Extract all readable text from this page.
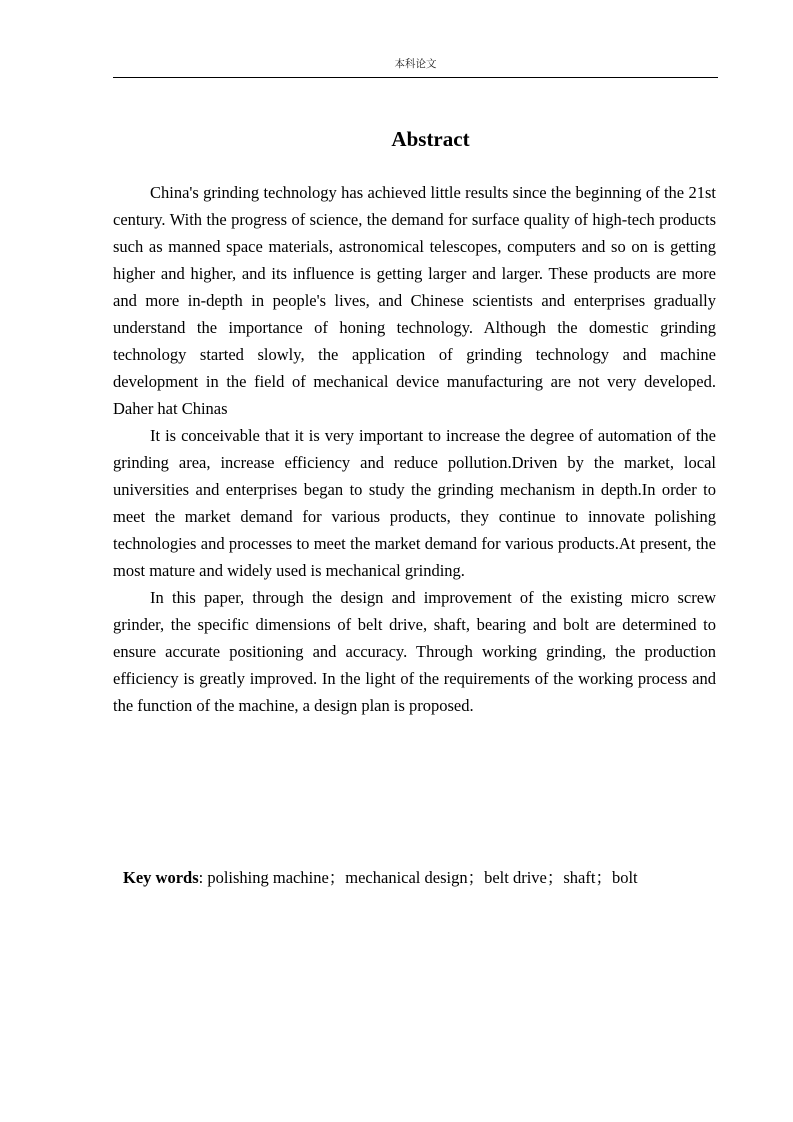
本科论文
Abstract

China's grinding technology has achieved little results since the beginning of the 21st century. With the progress of science, the demand for surface quality of high-tech products such as manned space materials, astronomical telescopes, computers and so on is getting higher and higher, and its influence is getting larger and larger. These products are more and more in-depth in people's lives, and Chinese scientists and enterprises gradually understand the importance of honing technology. Although the domestic grinding technology started slowly, the application of grinding technology and machine development in the field of mechanical device manufacturing are not very developed. Daher hat Chinas

It is conceivable that it is very important to increase the degree of automation of the grinding area, increase efficiency and reduce pollution.Driven by the market, local universities and enterprises began to study the grinding mechanism in depth.In order to meet the market demand for various products, they continue to innovate polishing technologies and processes to meet the market demand for various products.At present, the most mature and widely used is mechanical grinding.

In this paper, through the design and improvement of the existing micro screw grinder, the specific dimensions of belt drive, shaft, bearing and bolt are determined to ensure accurate positioning and accuracy. Through working grinding, the production efficiency is greatly improved. In the light of the requirements of the working process and the function of the machine, a design plan is proposed.

Key words: polishing machine；mechanical design；belt drive；shaft；bolt
